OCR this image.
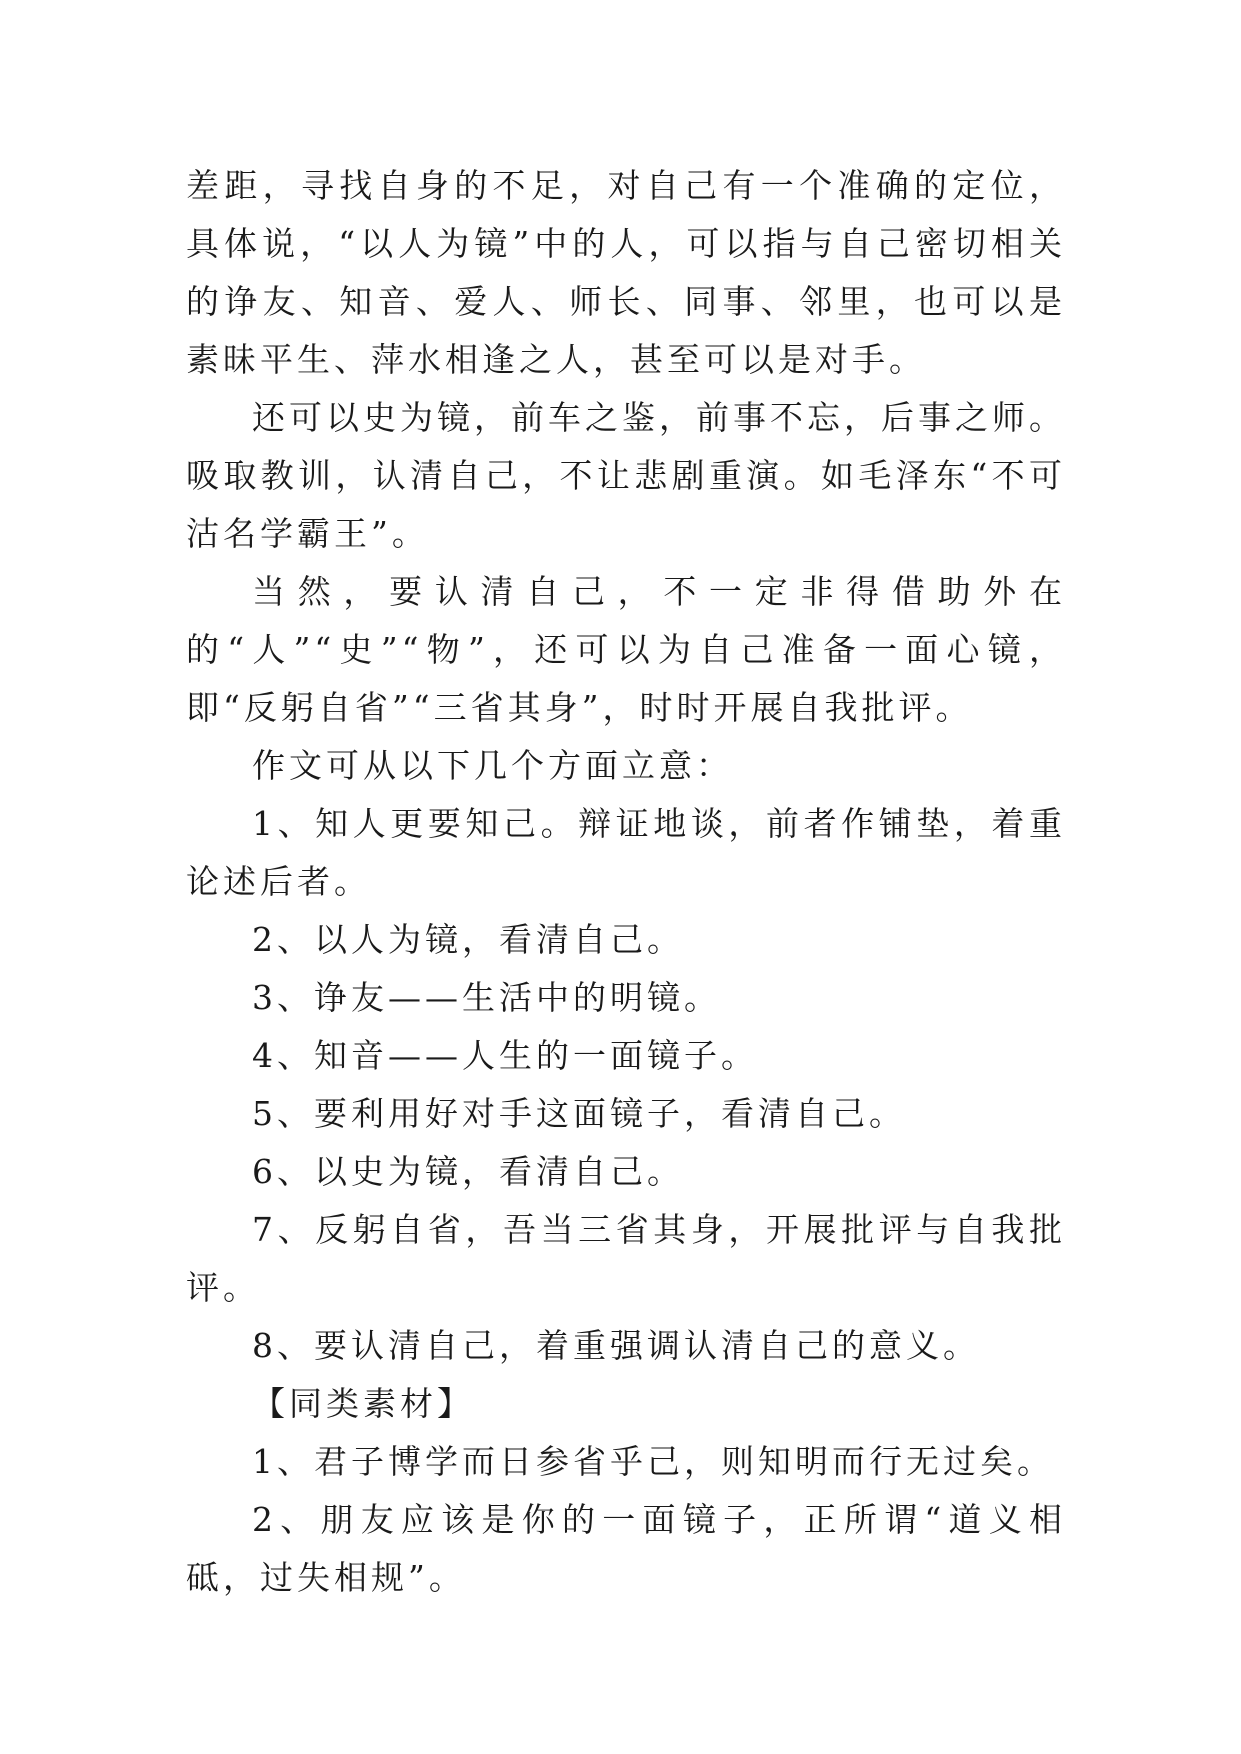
差距，寻找自身的不足，对自己有一个准确的定位，具体说，“以人为镜”中的人，可以指与自己密切相关的诤友、知音、爱人、师长、同事、邻里，也可以是素昧平生、萍水相逢之人，甚至可以是对手。

还可以史为镜，前车之鉴，前事不忘，后事之师。吸取教训，认清自己，不让悲剧重演。如毛泽东“不可沽名学霸王”。

当然，要认清自己，不一定非得借助外在的“人”“史”“物”，还可以为自己准备一面心镜，即“反躬自省”“三省其身”，时时开展自我批评。

作文可从以下几个方面立意：

1、知人更要知己。辩证地谈，前者作铺垫，着重论述后者。

2、以人为镜，看清自己。

3、诤友——生活中的明镜。

4、知音——人生的一面镜子。

5、要利用好对手这面镜子，看清自己。

6、以史为镜，看清自己。

7、反躬自省，吾当三省其身，开展批评与自我批评。

8、要认清自己，着重强调认清自己的意义。

【同类素材】

1、君子博学而日参省乎己，则知明而行无过矣。

2、朋友应该是你的一面镜子，正所谓“道义相砥，过失相规”。
